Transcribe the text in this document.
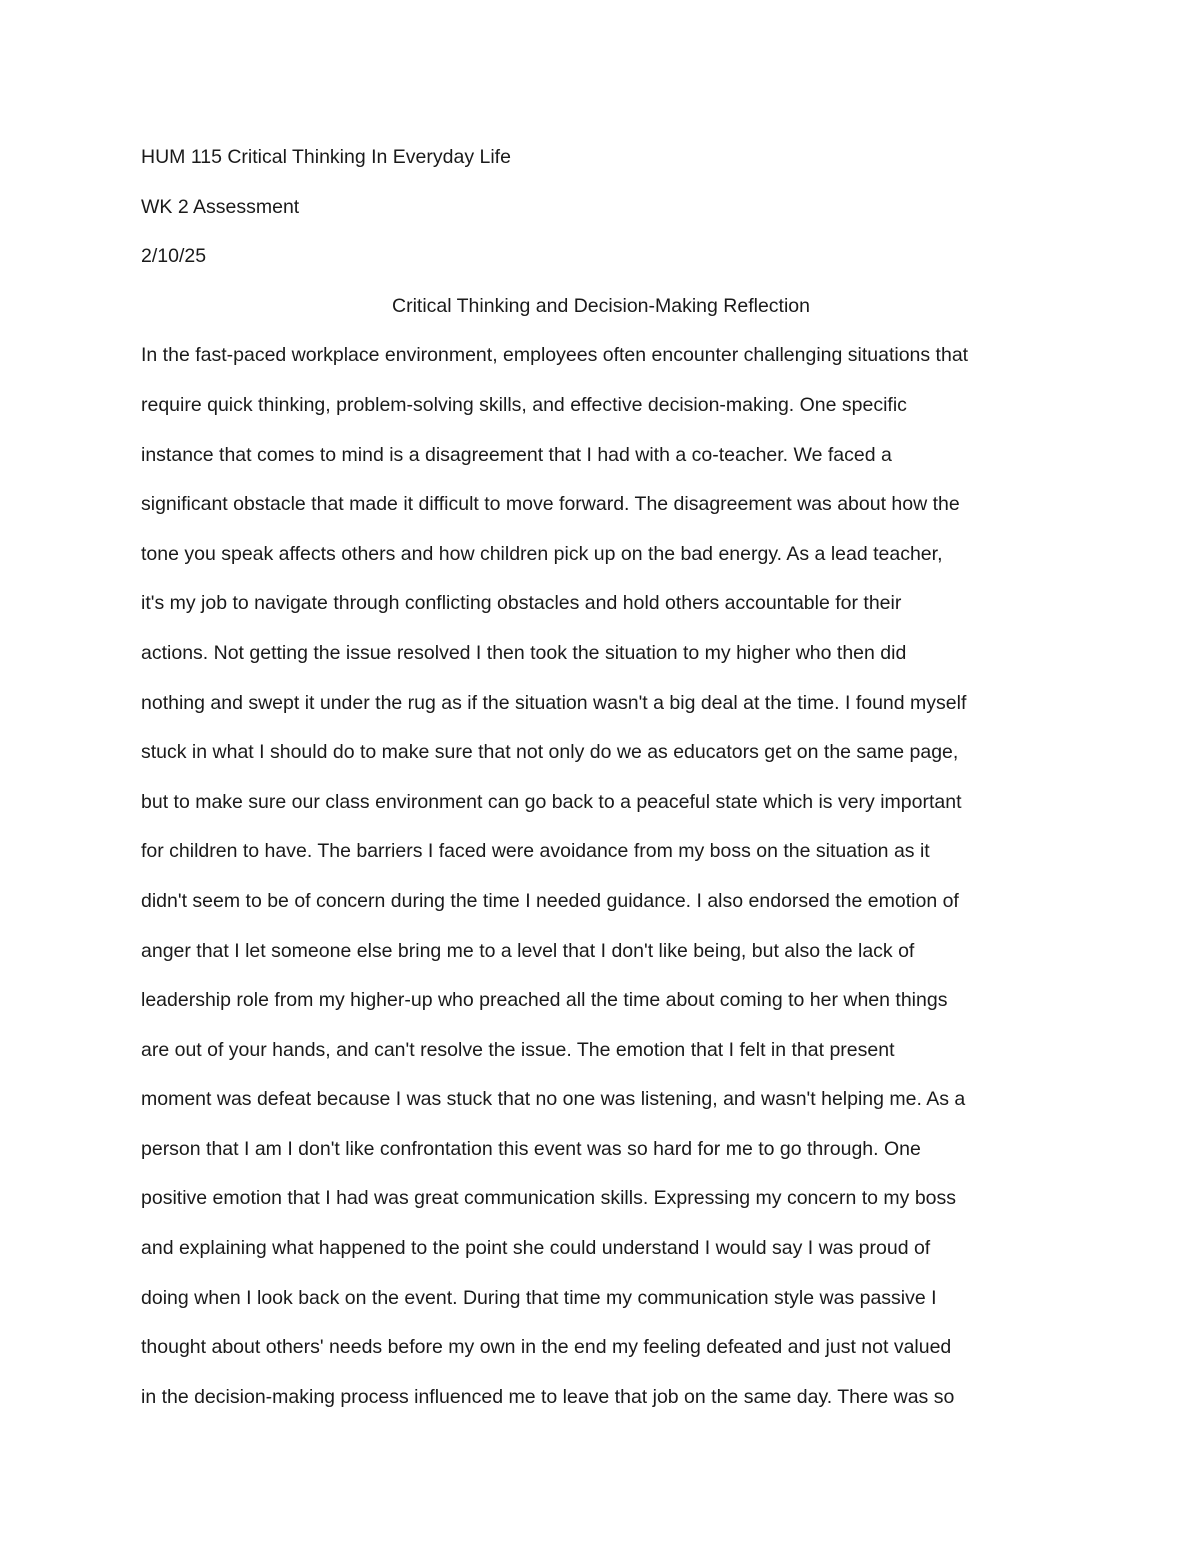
HUM 115 Critical Thinking In Everyday Life

WK 2 Assessment

2/10/25

Critical Thinking and Decision-Making Reflection

In the fast-paced workplace environment, employees often encounter challenging situations that

require quick thinking, problem-solving skills, and effective decision-making. One specific

instance that comes to mind is a disagreement that I had with a co-teacher. We faced a

significant obstacle that made it difficult to move forward. The disagreement was about how the

tone you speak affects others and how children pick up on the bad energy. As a lead teacher,

it's my job to navigate through conflicting obstacles and hold others accountable for their

actions. Not getting the issue resolved I then took the situation to my higher who then did

nothing and swept it under the rug as if the situation wasn't a big deal at the time. I found myself

stuck in what I should do to make sure that not only do we as educators get on the same page,

but to make sure our class environment can go back to a peaceful state which is very important

for children to have. The barriers I faced were avoidance from my boss on the situation as it

didn't seem to be of concern during the time I needed guidance. I also endorsed the emotion of

anger that I let someone else bring me to a level that I don't like being, but also the lack of

leadership role from my higher-up who preached all the time about coming to her when things

are out of your hands, and can't resolve the issue. The emotion that I felt in that present

moment was defeat because I was stuck that no one was listening, and wasn't helping me. As a

person that I am I don't like confrontation this event was so hard for me to go through. One

positive emotion that I had was great communication skills. Expressing my concern to my boss

and explaining what happened to the point she could understand I would say I was proud of

doing when I look back on the event. During that time my communication style was passive I

thought about others' needs before my own in the end my feeling defeated and just not valued

in the decision-making process influenced me to leave that job on the same day. There was so
